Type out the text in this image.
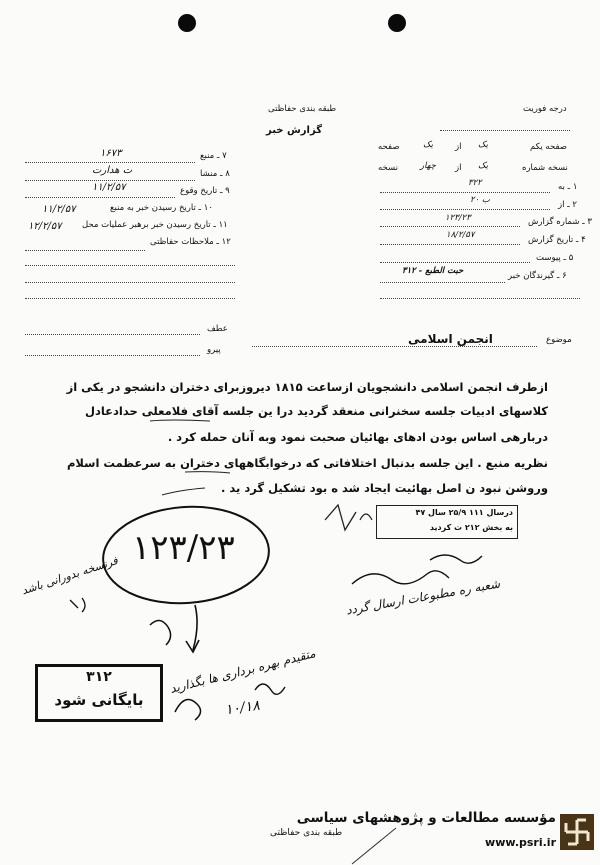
طبقه بندی حفاظتی
گزارش خبر
درجه فوریت
۷ ـ منبع
۱۶۷۳
۸ ـ منشا
ت هدارت
۹ ـ تاریخ وقوع
۱۱/۲/۵۷
۱۰ ـ تاریخ رسیدن خبر به منبع
۱۱/۲/۵۷
۱۱ ـ تاریخ رسیدن خبر برهبر عملیات محل
۱۲/۲/۵۷
۱۲ ـ ملاحظات حفاظتی
صفحه یکم
یک
از
یک
صفحه
نسخه شماره
یک
از
چهار
نسخه
۱ ـ به
۳۲۲
۲ ـ از
۲۰ ب
۳ ـ شماره گزارش
۱۲۳/۲۳
۴ ـ تاریخ گزارش
۱۸/۲/۵۷
۵ ـ پیوست
۶ ـ گیرندگان خبر
۳۱۲ - حبت الطبع
عطف
پیرو
موضوع
انجمن اسلامی
ازطرف انجمن اسلامی دانشجویان ازساعت ۱۸۱۵ دیروزبرای دختران دانشجو در یکی از
کلاسهای ادبیات جلسه سخنرانی منعقد گردید درا ین جلسه آقای فلامعلی حدادعادل
دربارهی اساس بودن ادهای بهائیان صحبت نمود وبه آنان حمله کرد .
نظریه منبع . این جلسه بدنبال اختلافاتی که درخوابگاههای دختران به سرعظمت اسلام
وروشن نبود ن اصل بهائیت ایجاد شد ه بود تشکیل گرد ید .
درسال ۱۱۱ ۲۵/۹ سال ۴۷
به بخش ۲۱۲ ت کردید
۱۲۳/۲۳
فرنسخه بدورانی باشد	شعبه ره مطبوعات ارسال گردد
متقیدم بهره برداری ها بگذارید
۱۰/۱۸
۳۱۲
بایگانی شود
طبقه بندی حفاظتی
مؤسسه مطالعات و پژوهشهای سیاسی
www.psri.ir
